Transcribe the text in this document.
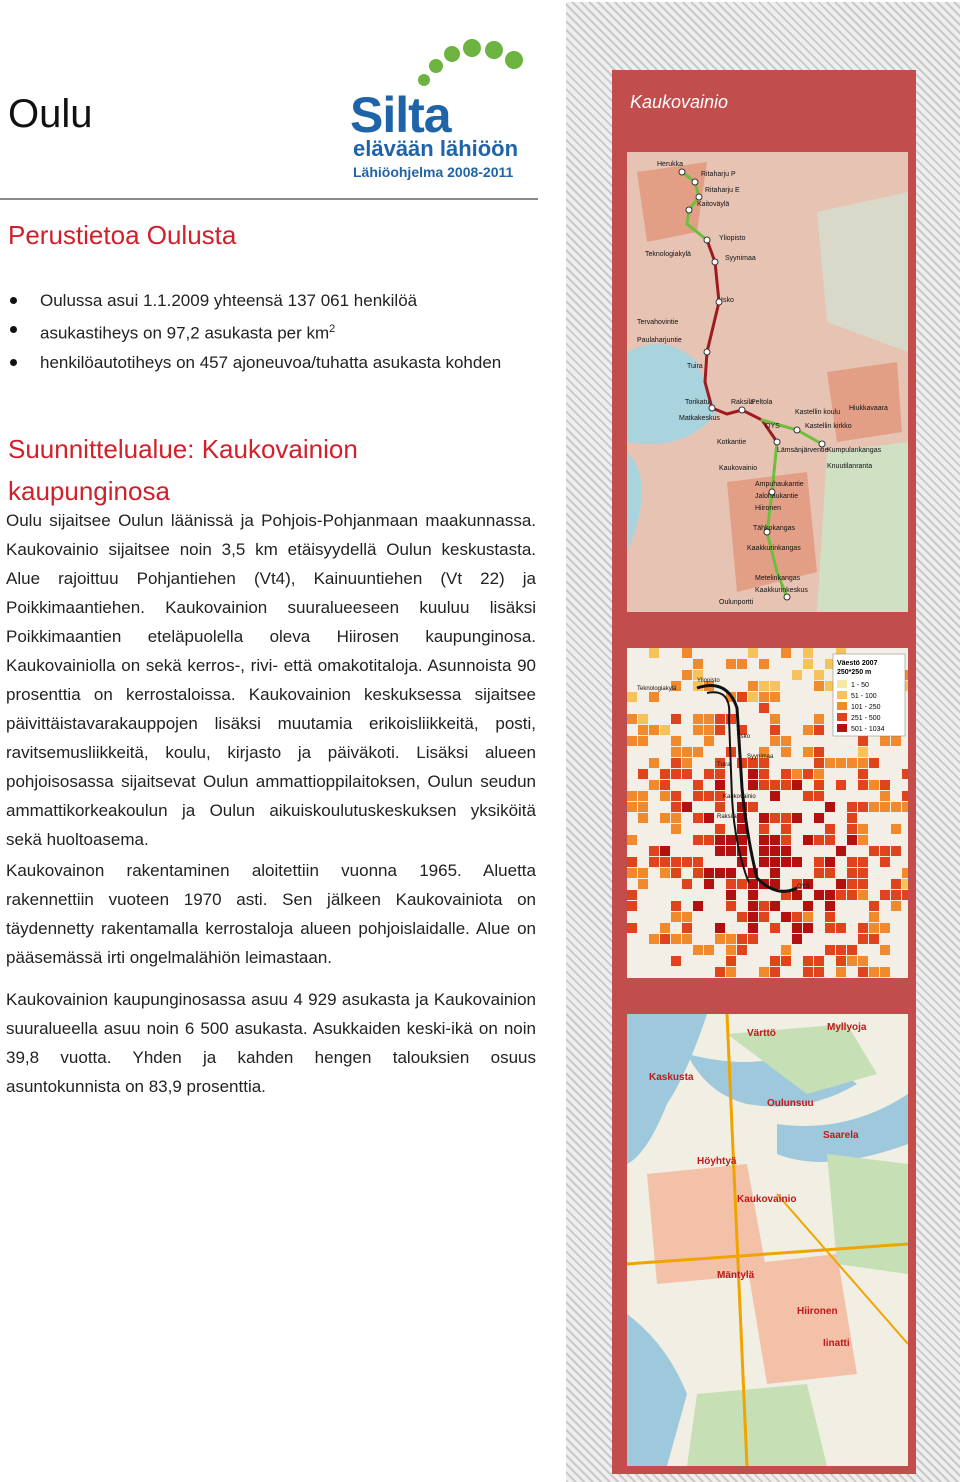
Oulu	Silta
elävään lähiöön
Lähiöohjelma 2008-2011
Perustietoa Oulusta
Oulussa asui 1.1.2009 yhteensä 137 061 henkilöä
asukastiheys on 97,2 asukasta per $km^2$
henkilöautotiheys on 457 ajoneuvoa/tuhatta asukasta kohden
Suunnittelualue: Kaukovainion kaupunginosa

Oulu sijaitsee Oulun läänissä ja Pohjois-Pohjanmaan maakunnassa. Kaukovainio sijaitsee noin 3,5 km etäisyydellä Oulun keskustasta. Alue rajoittuu Pohjantiehen (Vt4), Kainuuntiehen (Vt 22) ja Poikkimaantiehen. Kaukovainion suuralueeseen kuuluu lisäksi Poikkimaantien eteläpuolella oleva Hiirosen kaupunginosa. Kaukovainiolla on sekä kerros-, rivi- että omakotitaloja. Asunnoista 90 prosenttia on kerrostaloissa. Kaukovainion keskuksessa sijaitsee päivittäistavarakauppojen lisäksi muutamia erikoisliikkeitä, posti, ravitsemusliikkeitä, koulu, kirjasto ja päiväkoti. Lisäksi alueen pohjoisosassa sijaitsevat Oulun ammattioppilaitoksen, Oulun seudun ammattikorkeakoulun ja Oulun aikuiskoulutuskeskuksen yksiköitä sekä huoltoasema.

Kaukovainon rakentaminen aloitettiin vuonna 1965. Aluetta rakennettiin vuoteen 1970 asti. Sen jälkeen Kaukovainiota on täydennetty rakentamalla kerrostaloja alueen pohjoislaidalle. Alue on pääsemässä irti ongelmalähiön leimastaan.

Kaukovainion kaupunginosassa asuu 4 929 asukasta ja Kaukovainion suuralueella asuu noin 6 500 asukasta. Asukkaiden keski-ikä on noin 39,8 vuotta. Yhden ja kahden hengen talouksien osuus asuntokunnista on 83,9 prosenttia.

Kaukovainio
Herukka
Ritaharju P
Ritaharju E
Kaitoväylä
Yliopisto
Teknologiakylä
Syynimaa
Isko
Tervahovintie
Paulaharjuntie
Tuira
Torikatu	Raksila
Peltola
Kastellin koulu
Hiukkavaara
Kastellin kirkko
Matkakeskus
OYS
Kotkantie
Lämsänjärventie
Kumpulankangas
Kaukovainio	Knuutilanranta
Ampuhaukantie
Jalohaukantie
Hiironen
Tähkokangas
Kaakkurinkangas
Metelinkangas
Kaakkurinkeskus
Oulunportti
Väestö 2007
250*250 m
1 - 50
51 - 100
101 - 250
251 - 500
501 - 1034
Teknologiakylä
Yliopisto
Syynimaa
Tuira
Kaukovainio
Raksila
OYS
Isko
Värttö
Myllyoja
Kaskusta
Oulunsuu
Saarela
Höyhtyä
Kaukovainio
Mäntylä
Hiironen
Iinatti
